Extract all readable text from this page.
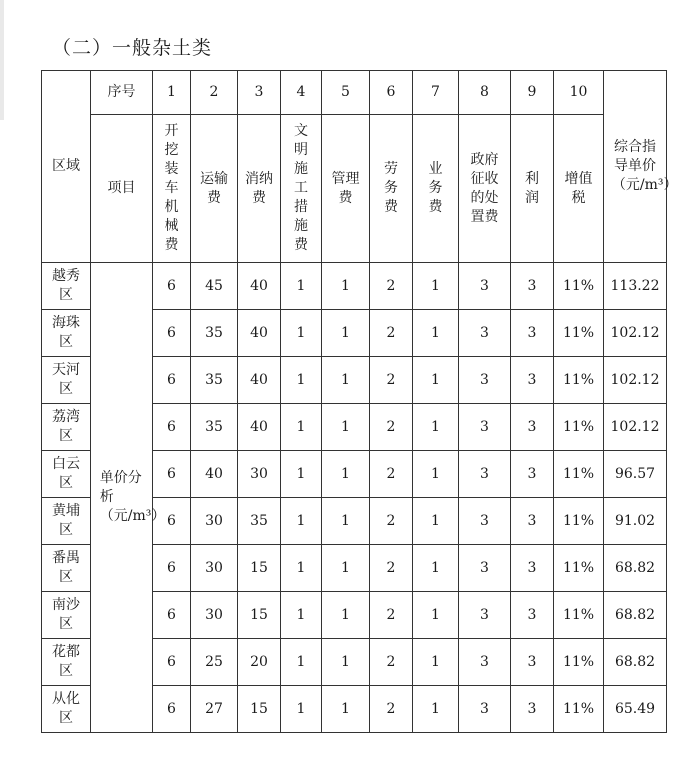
（二）一般杂土类
区域	序号	1	2	3	4	5	6	7	8	9	10	综合指导单价（元/m³）
	项目	开挖装车机械费	运输费	消纳费	文明施工措施费	管理费	劳务费	业务费	政府征收的处置费	利润	增值税	
越秀区	单价分析（元/m³）	6	45	40	1	1	2	1	3	3	11%	113.22
海珠区		6	35	40	1	1	2	1	3	3	11%	102.12
天河区		6	35	40	1	1	2	1	3	3	11%	102.12
荔湾区		6	35	40	1	1	2	1	3	3	11%	102.12
白云区		6	40	30	1	1	2	1	3	3	11%	96.57
黄埔区		6	30	35	1	1	2	1	3	3	11%	91.02
番禺区		6	30	15	1	1	2	1	3	3	11%	68.82
南沙区		6	30	15	1	1	2	1	3	3	11%	68.82
花都区		6	25	20	1	1	2	1	3	3	11%	68.82
从化区		6	27	15	1	1	2	1	3	3	11%	65.49
